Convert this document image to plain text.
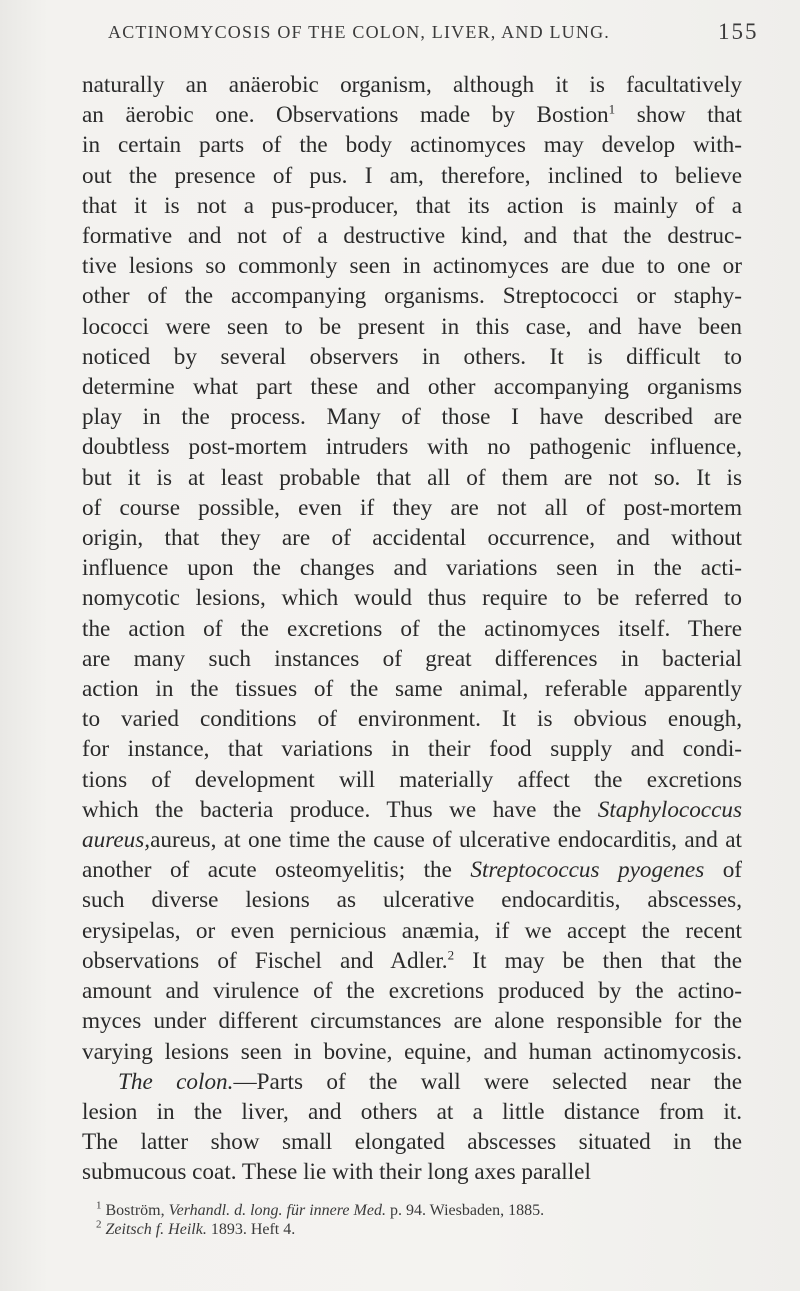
ACTINOMYCOSIS OF THE COLON, LIVER, AND LUNG.	155
naturally an anäerobic organism, although it is facultatively
an äerobic one. Observations made by Bostion$^1$ show that
in certain parts of the body actinomyces may develop with-
out the presence of pus. I am, therefore, inclined to believe
that it is not a pus-producer, that its action is mainly of a
formative and not of a destructive kind, and that the destruc-
tive lesions so commonly seen in actinomyces are due to one or
other of the accompanying organisms. Streptococci or staphy-
lococci were seen to be present in this case, and have been
noticed by several observers in others. It is difficult to
determine what part these and other accompanying organisms
play in the process. Many of those I have described are
doubtless post-mortem intruders with no pathogenic influence,
but it is at least probable that all of them are not so. It is
of course possible, even if they are not all of post-mortem
origin, that they are of accidental occurrence, and without
influence upon the changes and variations seen in the acti-
nomycotic lesions, which would thus require to be referred to
the action of the excretions of the actinomyces itself. There
are many such instances of great differences in bacterial
action in the tissues of the same animal, referable apparently
to varied conditions of environment. It is obvious enough,
for instance, that variations in their food supply and condi-
tions of development will materially affect the excretions
which the bacteria produce. Thus we have the Staphylococcus
aureus,aureus, at one time the cause of ulcerative endocarditis, and at
another of acute osteomyelitis; the Streptococcus pyogenes of
such diverse lesions as ulcerative endocarditis, abscesses,
erysipelas, or even pernicious anæmia, if we accept the recent
observations of Fischel and Adler.$^2$ It may be then that the
amount and virulence of the excretions produced by the actino-
myces under different circumstances are alone responsible for the
varying lesions seen in bovine, equine, and human actinomycosis.
The colon.—Parts of the wall were selected near the
lesion in the liver, and others at a little distance from it.
The latter show small elongated abscesses situated in the
submucous coat. These lie with their long axes parallel
$^1$ Boström, Verhandl. d. long. für innere Med. p. 94. Wiesbaden, 1885.
$^2$ Zeitsch f. Heilk. 1893. Heft 4.
